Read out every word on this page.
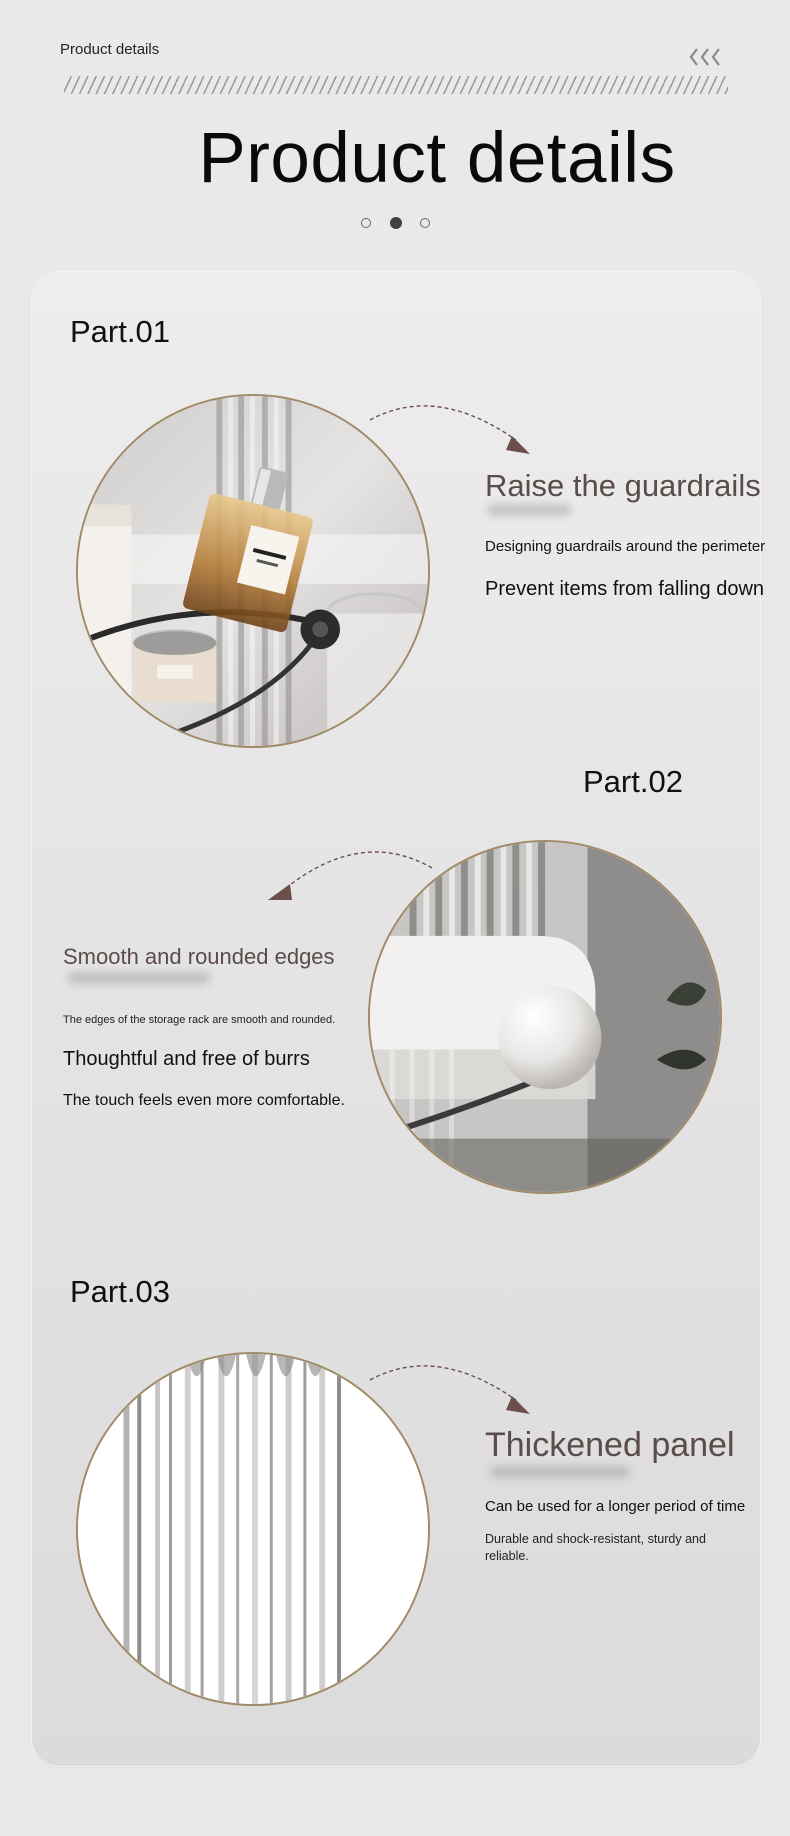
Product details
Product details
Part.01
Raise the guardrails
Designing guardrails around the perimeter
Prevent items from falling down
Part.02
Smooth and rounded edges
The edges of the storage rack are smooth and rounded.
Thoughtful and free of burrs
The touch feels even more comfortable.
Part.03
Thickened panel
Can be used for a longer period of time
Durable and shock-resistant, sturdy and reliable.
